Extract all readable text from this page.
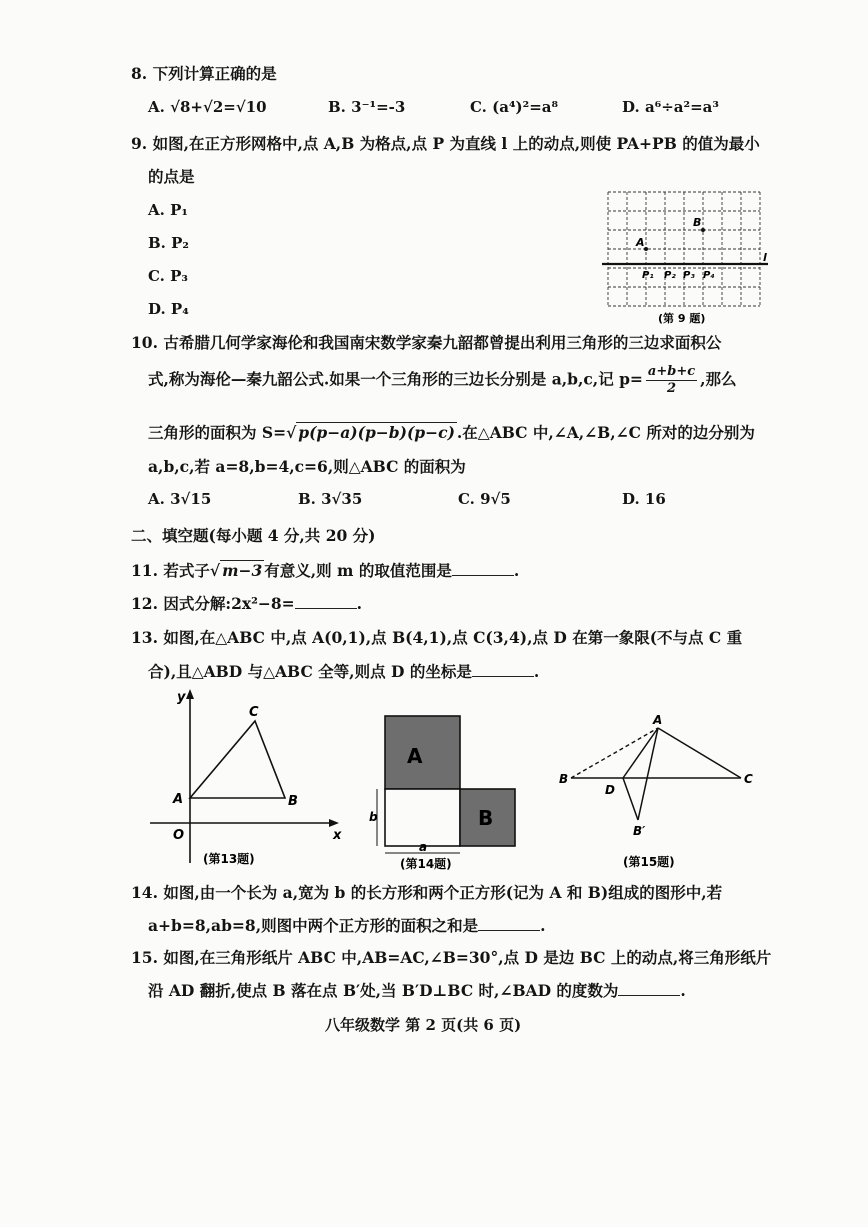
8. 下列计算正确的是
A. √8+√2=√10	B. 3⁻¹=-3	C. (a⁴)²=a⁸	D. a⁶÷a²=a³
9. 如图,在正方形网格中,点 A,B 为格点,点 P 为直线 l 上的动点,则使 PA+PB 的值为最小
的点是
A. P₁
B. P₂
C. P₃
D. P₄
A
B
l
P₁ P₂ P₃ P₄
(第 9 题)
10. 古希腊几何学家海伦和我国南宋数学家秦九韶都曾提出利用三角形的三边求面积公
式,称为海伦—秦九韶公式.如果一个三角形的三边长分别是 a,b,c,记 $p= \frac{a+b+c}{2}$ ,那么
三角形的面积为 S=√ p(p−a)(p−b)(p−c) .在△ABC 中,∠A,∠B,∠C 所对的边分别为
a,b,c,若 a=8,b=4,c=6,则△ABC 的面积为
A. 3√15	B. 3√35	C. 9√5	D. 16
二、填空题(每小题 4 分,共 20 分)
11. 若式子√ m−3 有意义,则 m 的取值范围是	.
12. 因式分解:2x²−8=	.
13. 如图,在△ABC 中,点 A(0,1),点 B(4,1),点 C(3,4),点 D 在第一象限(不与点 C 重
合),且△ABD 与△ABC 全等,则点 D 的坐标是	.
y
x
O
A	B
C
(第13题)
A
B
b
a
(第14题)
A
B	C
D
B′
(第15题)
14. 如图,由一个长为 a,宽为 b 的长方形和两个正方形(记为 A 和 B)组成的图形中,若
a+b=8,ab=8,则图中两个正方形的面积之和是	.
15. 如图,在三角形纸片 ABC 中,AB=AC,∠B=30°,点 D 是边 BC 上的动点,将三角形纸片
沿 AD 翻折,使点 B 落在点 B′处,当 B′D⊥BC 时,∠BAD 的度数为	.
八年级数学 第 2 页(共 6 页)
